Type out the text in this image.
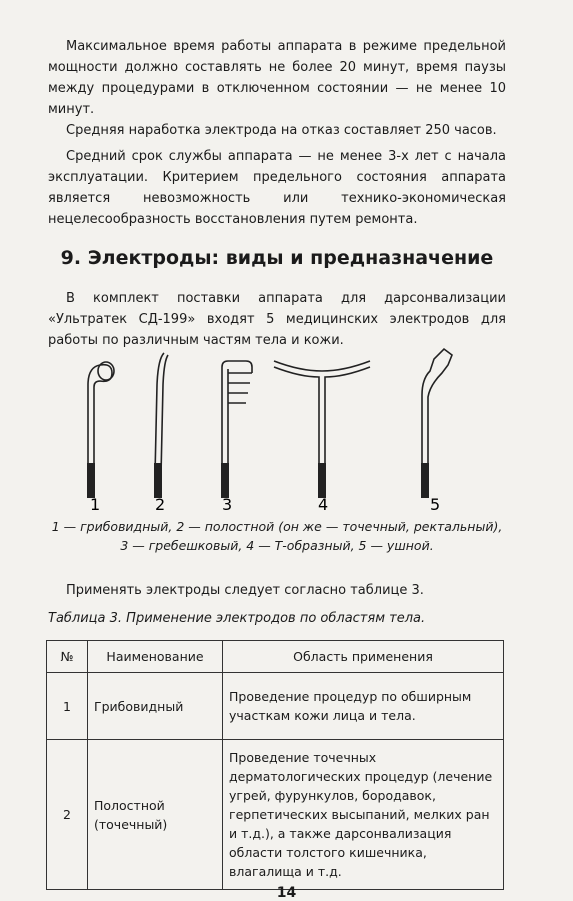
Максимальное время работы аппарата в режиме предельной мощности должно составлять не более 20 минут, время паузы между процедурами в отключенном состоянии — не менее 10 минут.

Средняя наработка электрода на отказ составляет 250 часов.

Средний срок службы аппарата — не менее 3-х лет с начала эксплуатации. Критерием предельного состояния аппарата является невозможность или технико-экономическая нецелесообразность восстановления путем ремонта.

9. Электроды: виды и предназначение

В комплект поставки аппарата для дарсонвализации «Ультратек СД-199» входят 5 медицинских электродов для работы по различным частям тела и кожи.

1	2	3	4	5
1 — грибовидный, 2 — полостной (он же — точечный, ректальный),
3 — гребешковый, 4 — Т-образный, 5 — ушной.

Применять электроды следует согласно таблице 3.

Таблица 3. Применение электродов по областям тела.

№	Наименование	Область применения
1	Грибовидный	Проведение процедур по обширным участкам кожи лица и тела.
2	Полостной (точечный)	Проведение точечных дерматологических процедур (лечение угрей, фурункулов, бородавок, герпетических высыпаний, мелких ран и т.д.), а также дарсонвализация области толстого кишечника, влагалища и т.д.
14
